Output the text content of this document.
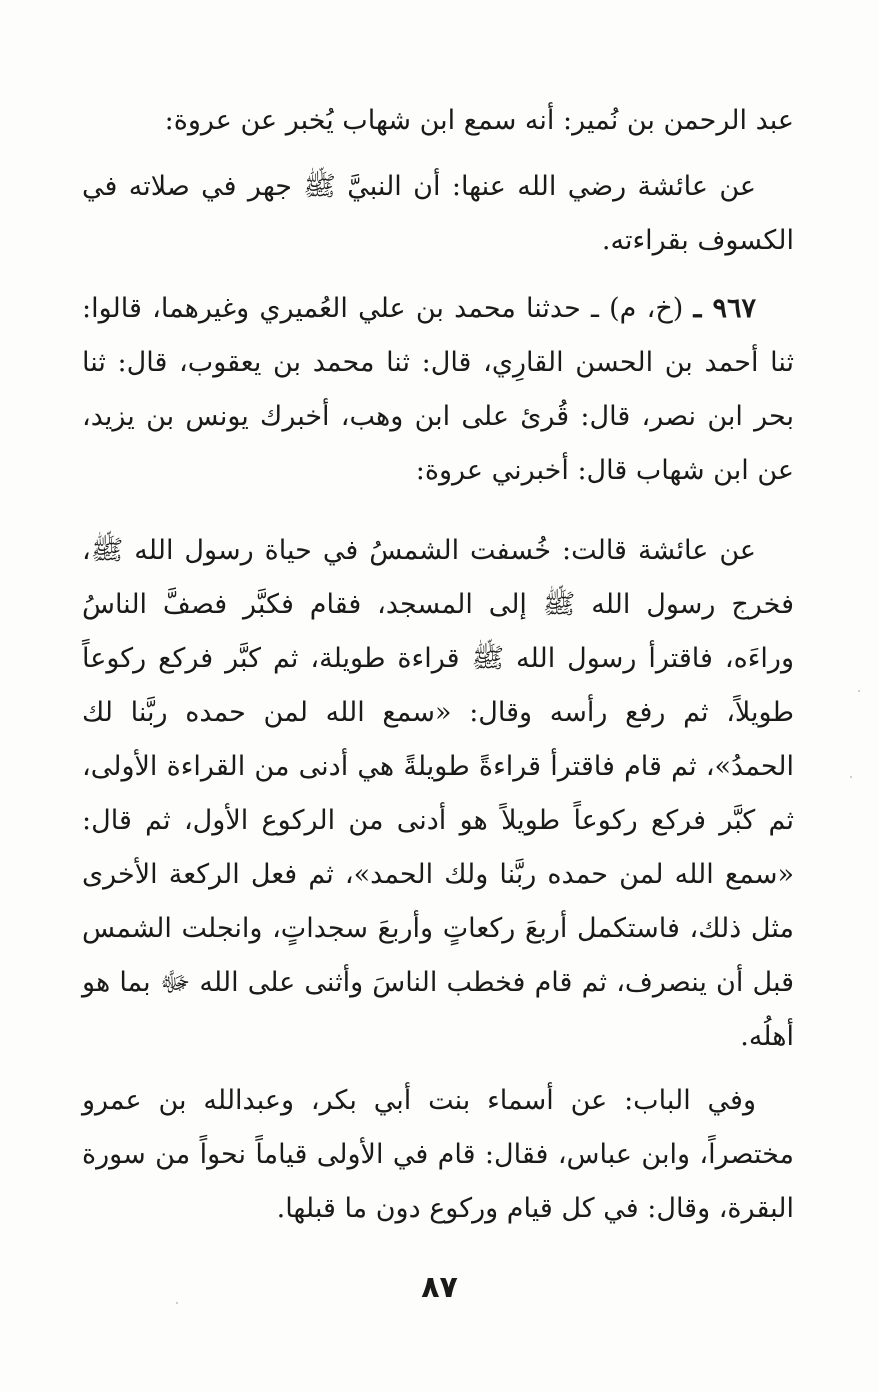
عبد الرحمن بن نُمير: أنه سمع ابن شهاب يُخبر عن عروة:

عن عائشة رضي الله عنها: أن النبيَّ ﷺ جهر في صلاته في الكسوف بقراءته.

٩٦٧ ـ (خ، م) ـ حدثنا محمد بن علي العُميري وغيرهما، قالوا: ثنا أحمد بن الحسن القارِي، قال: ثنا محمد بن يعقوب، قال: ثنا بحر ابن نصر، قال: قُرئ على ابن وهب، أخبرك يونس بن يزيد، عن ابن شهاب قال: أخبرني عروة:

عن عائشة قالت: خُسفت الشمسُ في حياة رسول الله ﷺ، فخرج رسول الله ﷺ إلى المسجد، فقام فكبَّر فصفَّ الناسُ وراءَه، فاقترأ رسول الله ﷺ قراءة طويلة، ثم كبَّر فركع ركوعاً طويلاً، ثم رفع رأسه وقال: «سمع الله لمن حمده ربَّنا لك الحمدُ»، ثم قام فاقترأ قراءةً طويلةً هي أدنى من القراءة الأولى، ثم كبَّر فركع ركوعاً طويلاً هو أدنى من الركوع الأول، ثم قال: «سمع الله لمن حمده ربَّنا ولك الحمد»، ثم فعل الركعة الأخرى مثل ذلك، فاستكمل أربعَ ركعاتٍ وأربعَ سجداتٍ، وانجلت الشمس قبل أن ينصرف، ثم قام فخطب الناسَ وأثنى على الله ﷻ بما هو أهلُه.

وفي الباب: عن أسماء بنت أبي بكر، وعبدالله بن عمرو مختصراً، وابن عباس، فقال: قام في الأولى قياماً نحواً من سورة البقرة، وقال: في كل قيام وركوع دون ما قبلها.

٨٧
